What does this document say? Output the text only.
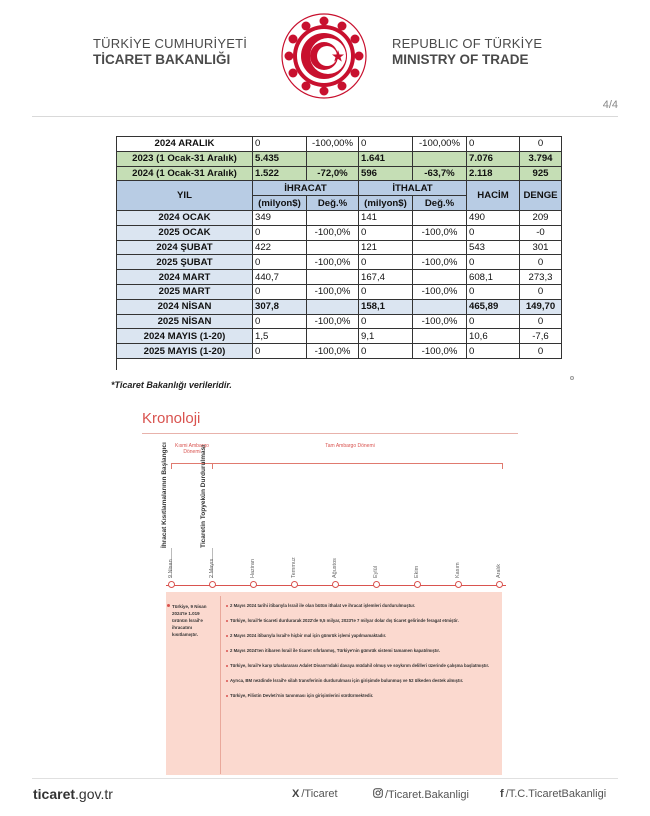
TÜRKİYE CUMHURİYETİ
TİCARET BAKANLIĞI
REPUBLIC OF TÜRKİYE
MINISTRY OF TRADE
4/4
2024 ARALIK	0	-100,00%	0	-100,00%	0	0
2023 (1 Ocak-31 Aralık)	5.435		1.641		7.076	3.794
2024 (1 Ocak-31 Aralık)	1.522	-72,0%	596	-63,7%	2.118	925
YIL	İHRACAT		İTHALAT		HACİM	DENGE
	(milyon$)	Değ.%	(milyon$)	Değ.%		
2024 OCAK	349		141		490	209
2025 OCAK	0	-100,0%	0	-100,0%	0	-0
2024 ŞUBAT	422		121		543	301
2025 ŞUBAT	0	-100,0%	0	-100,0%	0	0
2024 MART	440,7		167,4		608,1	273,3
2025 MART	0	-100,0%	0	-100,0%	0	0
2024 NİSAN	307,8		158,1		465,89	149,70
2025 NİSAN	0	-100,0%	0	-100,0%	0	0
2024 MAYIS (1-20)	1,5		9,1		10,6	-7,6
2025 MAYIS (1-20)	0	-100,0%	0	-100,0%	0	0

*Ticaret Bakanlığı verileridir.
Kronoloji
Kısmi Ambargo Dönemi
Tam Ambargo Dönemi
İhracat Kısıtlamalarının Başlangıcı	Ticaretin Topyekûn Durdurulması
9 Nisan	2 Mayıs	Haziran	Temmuz	Ağustos	Eylül	Ekim	Kasım	Aralık
Türkiye, 9 Nisan 2024'te 1.019 ürünün İsrail'e ihracatını kısıtlamıştır.
2 Mayıs 2024 tarihi itibarıyla İsrail ile olan bütün ithalat ve ihracat işlemleri durdurulmuştur.
Türkiye, İsrail'le ticareti durdurarak 2022'de 9,5 milyar, 2023'te 7 milyar dolar dış ticaret gelirinde feragat etmiştir.
2 Mayıs 2024 itibarıyla İsrail'e hiçbir mal için gümrük işlemi yapılmamaktadır.
2 Mayıs 2024'ten itibaren İsrail ile ticaret sıfırlanmış, Türkiye'nin gümrük sistemi tamamen kapatılmıştır.
Türkiye, İsrail'e karşı Uluslararası Adalet Divanı'ndaki davaya müdahil olmuş ve soykırım delilleri üzerinde çalışma başlatmıştır.
Ayrıca, BM nezdinde İsrail'e silah transferinin durdurulması için girişimde bulunmuş ve 52 ülkeden destek almıştır.
Türkiye, Filistin Devleti'nin tanınması için girişimlerini sürdürmektedir.
ticaret.gov.tr	X /Ticaret	/Ticaret.Bakanligi	f /T.C.TicaretBakanligi
